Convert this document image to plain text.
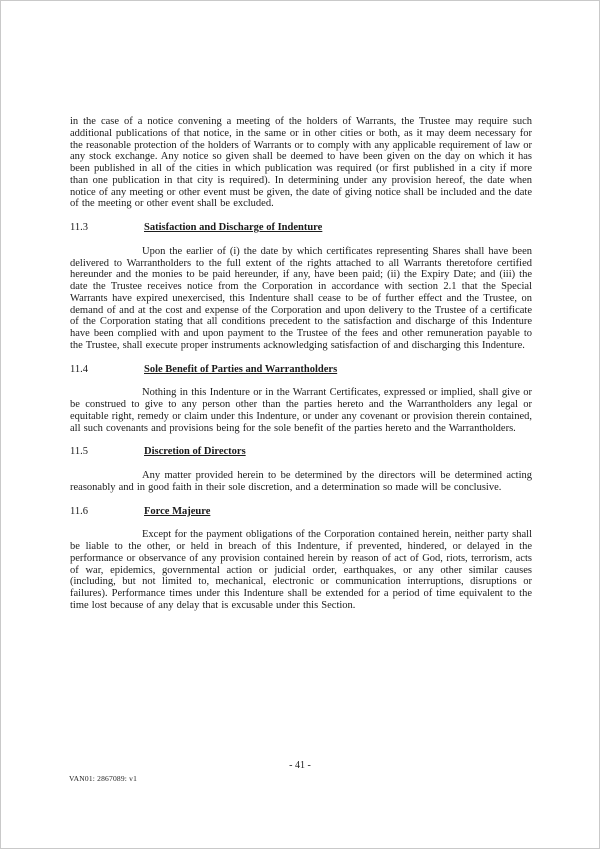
in the case of a notice convening a meeting of the holders of Warrants, the Trustee may require such additional publications of that notice, in the same or in other cities or both, as it may deem necessary for the reasonable protection of the holders of Warrants or to comply with any applicable requirement of law or any stock exchange. Any notice so given shall be deemed to have been given on the day on which it has been published in all of the cities in which publication was required (or first published in a city if more than one publication in that city is required). In determining under any provision hereof, the date when notice of any meeting or other event must be given, the date of giving notice shall be included and the date of the meeting or other event shall be excluded.

11.3	Satisfaction and Discharge of Indenture

Upon the earlier of (i) the date by which certificates representing Shares shall have been delivered to Warrantholders to the full extent of the rights attached to all Warrants theretofore certified hereunder and the monies to be paid hereunder, if any, have been paid; (ii) the Expiry Date; and (iii) the date the Trustee receives notice from the Corporation in accordance with section 2.1 that the Special Warrants have expired unexercised, this Indenture shall cease to be of further effect and the Trustee, on demand of and at the cost and expense of the Corporation and upon delivery to the Trustee of a certificate of the Corporation stating that all conditions precedent to the satisfaction and discharge of this Indenture have been complied with and upon payment to the Trustee of the fees and other remuneration payable to the Trustee, shall execute proper instruments acknowledging satisfaction of and discharging this Indenture.

11.4	Sole Benefit of Parties and Warrantholders

Nothing in this Indenture or in the Warrant Certificates, expressed or implied, shall give or be construed to give to any person other than the parties hereto and the Warrantholders any legal or equitable right, remedy or claim under this Indenture, or under any covenant or provision therein contained, all such covenants and provisions being for the sole benefit of the parties hereto and the Warrantholders.

11.5	Discretion of Directors

Any matter provided herein to be determined by the directors will be determined acting reasonably and in good faith in their sole discretion, and a determination so made will be conclusive.

11.6	Force Majeure

Except for the payment obligations of the Corporation contained herein, neither party shall be liable to the other, or held in breach of this Indenture, if prevented, hindered, or delayed in the performance or observance of any provision contained herein by reason of act of God, riots, terrorism, acts of war, epidemics, governmental action or judicial order, earthquakes, or any other similar causes (including, but not limited to, mechanical, electronic or communication interruptions, disruptions or failures). Performance times under this Indenture shall be extended for a period of time equivalent to the time lost because of any delay that is excusable under this Section.

- 41 -
VAN01: 2867089: v1
